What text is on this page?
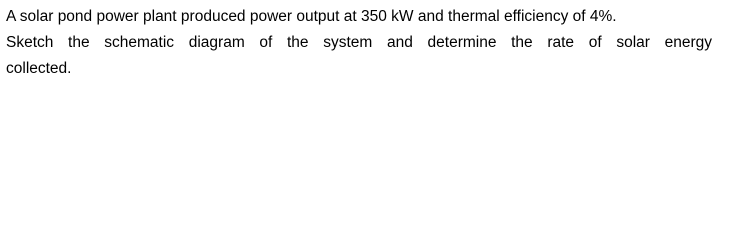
A solar pond power plant produced power output at 350 kW and thermal efficiency of 4%.
Sketch the schematic diagram of the system and determine the rate of solar energy
collected.
